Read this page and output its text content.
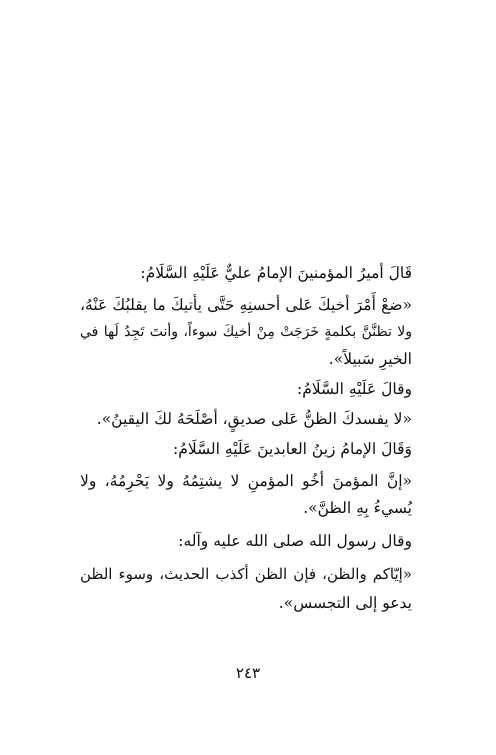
قَالَ أميرُ المؤمنينَ الإمامُ عليٌّ عَلَيْهِ السَّلَامُ:
«ضعْ أَمْرَ أخيكَ عَلى أحسنِهِ حَتَّى يأتيكَ ما يقلبُكَ عَنْهُ،
ولا تظنَّنَّ بكلمةٍ خَرَجَتْ مِنْ أخيكَ سوءاً، وأنتَ تَجِدُ لَها في
الخيرِ سَبيلاً».
وقالَ عَلَيْهِ السَّلَامُ:
«لا يفسدكَ الظنُّ عَلى صديقٍ، أصْلَحَهُ لكَ اليقينُ».
وَقَالَ الإمامُ زينُ العابدينَ عَلَيْهِ السَّلَامُ:
«إنَّ المؤمنَ أخُو المؤمنِ لا يشتِمُهُ ولا يَحْرِمُهُ، ولا
يُسيءُ بِهِ الظنَّ».
وقال رسول الله صلى الله عليه وآله:
«إيّاكم والظن، فإن الظن أكذب الحديث، وسوء الظن
يدعو إلى التجسس».
٢٤٣
